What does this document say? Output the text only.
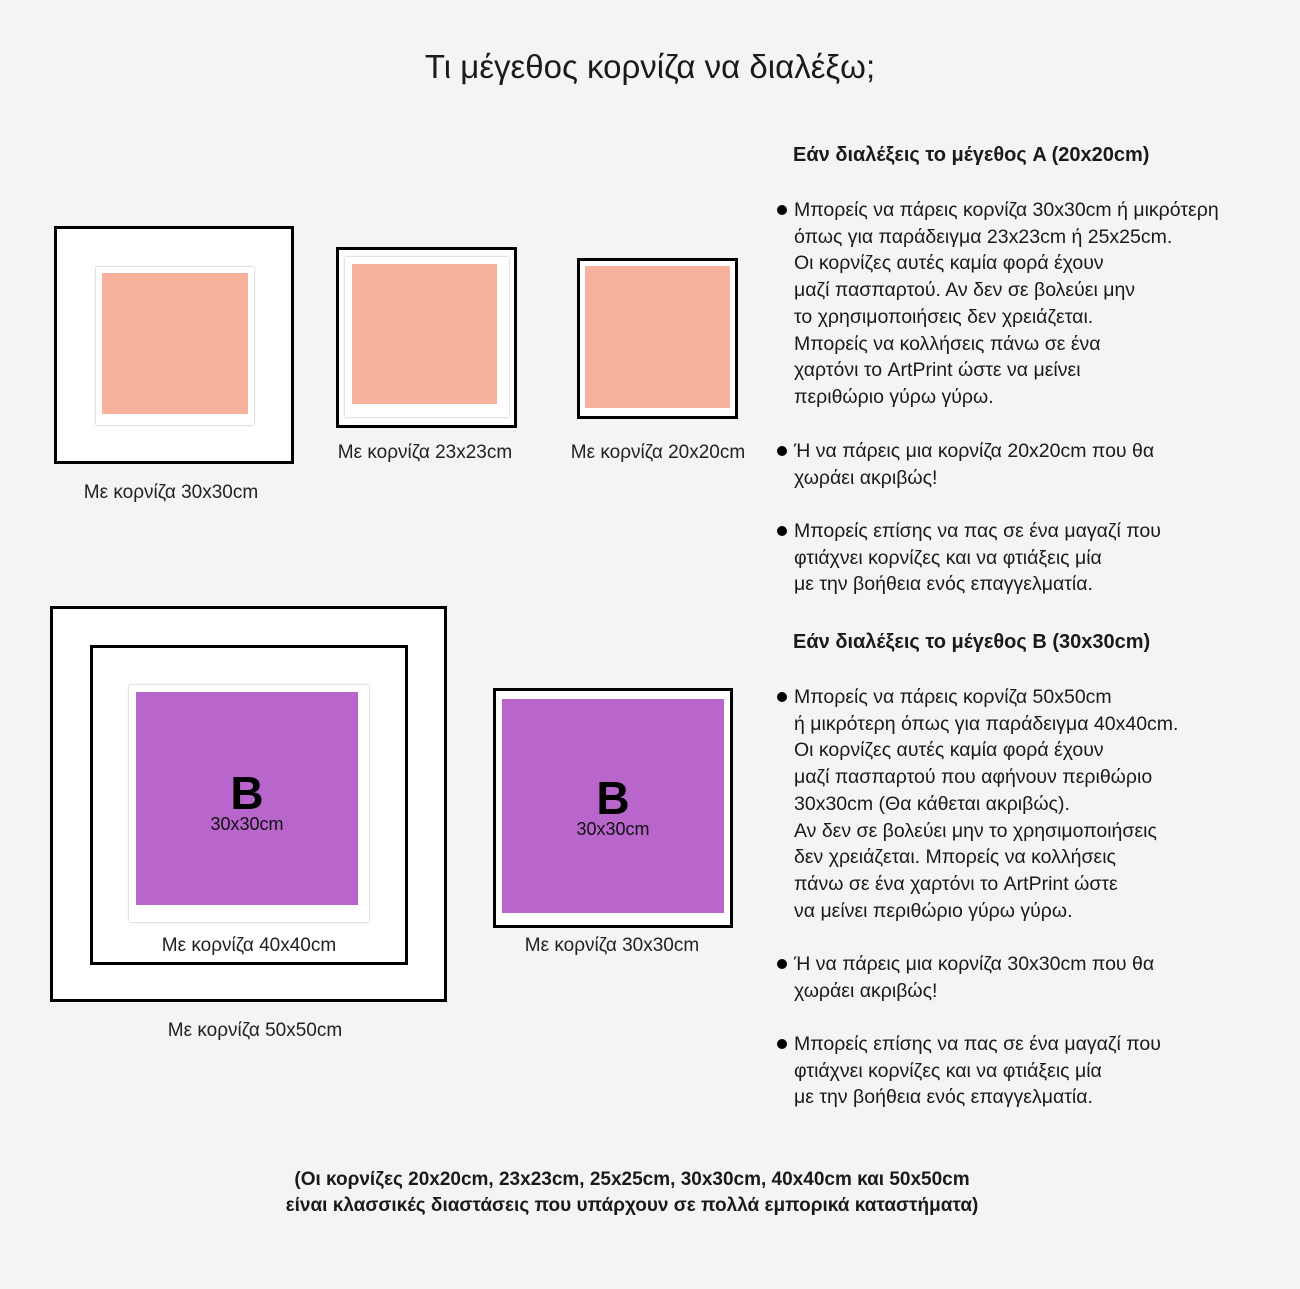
Τι μέγεθος κορνίζα να διαλέξω;
Με κορνίζα 30x30cm
Με κορνίζα 23x23cm	Με κορνίζα 20x20cm
B
30x30cm
Με κορνίζα 40x40cm
Με κορνίζα 50x50cm
B
30x30cm
Με κορνίζα 30x30cm
Εάν διαλέξεις το μέγεθος A (20x20cm)
Μπορείς να πάρεις κορνίζα 30x30cm ή μικρότερη
όπως για παράδειγμα 23x23cm ή 25x25cm.
Οι κορνίζες αυτές καμία φορά έχουν
μαζί πασπαρτού. Αν δεν σε βολεύει μην
το χρησιμοποιήσεις δεν χρειάζεται.
Μπορείς να κολλήσεις πάνω σε ένα
χαρτόνι το ArtPrint ώστε να μείνει
περιθώριο γύρω γύρω.
Ή να πάρεις μια κορνίζα 20x20cm που θα
χωράει ακριβώς!
Μπορείς επίσης να πας σε ένα μαγαζί που
φτιάχνει κορνίζες και να φτιάξεις μία
με την βοήθεια ενός επαγγελματία.
Εάν διαλέξεις το μέγεθος B (30x30cm)
Μπορείς να πάρεις κορνίζα 50x50cm
ή μικρότερη όπως για παράδειγμα 40x40cm.
Οι κορνίζες αυτές καμία φορά έχουν
μαζί πασπαρτού που αφήνουν περιθώριο
30x30cm (Θα κάθεται ακριβώς).
Αν δεν σε βολεύει μην το χρησιμοποιήσεις
δεν χρειάζεται. Μπορείς να κολλήσεις
πάνω σε ένα χαρτόνι το ArtPrint ώστε
να μείνει περιθώριο γύρω γύρω.
Ή να πάρεις μια κορνίζα 30x30cm που θα
χωράει ακριβώς!
Μπορείς επίσης να πας σε ένα μαγαζί που
φτιάχνει κορνίζες και να φτιάξεις μία
με την βοήθεια ενός επαγγελματία.
(Οι κορνίζες 20x20cm, 23x23cm, 25x25cm, 30x30cm, 40x40cm και 50x50cm
είναι κλασσικές διαστάσεις που υπάρχουν σε πολλά εμπορικά καταστήματα)
